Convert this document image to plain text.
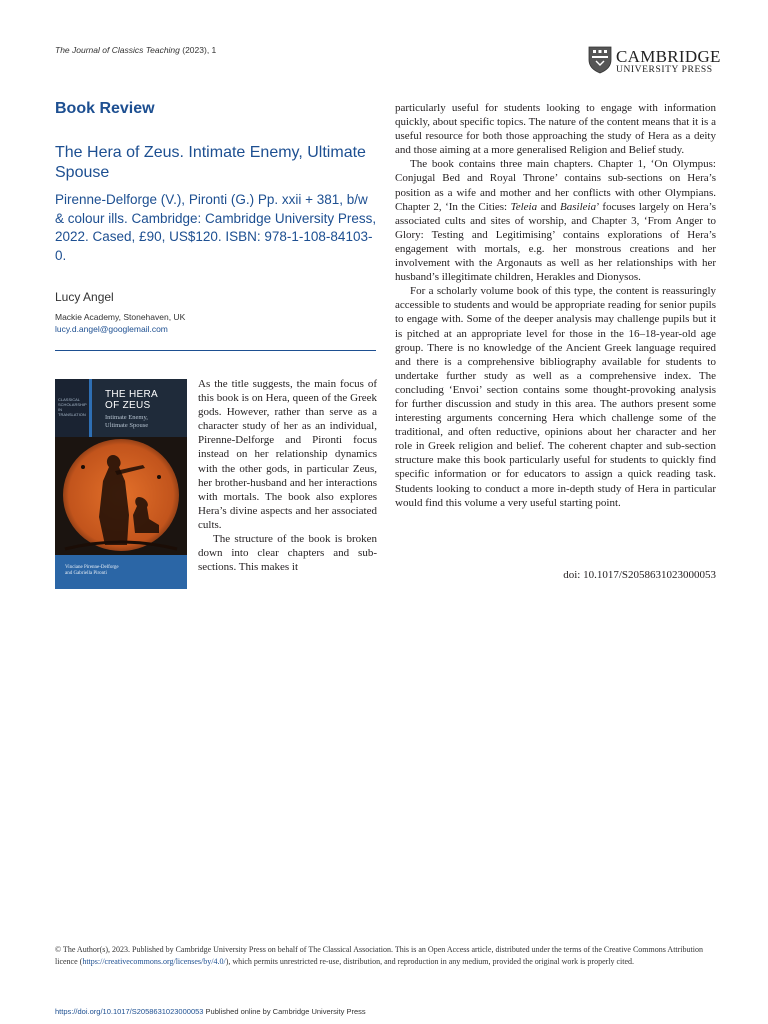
The Journal of Classics Teaching (2023), 1	CAMBRIDGE
UNIVERSITY PRESS
Book Review
The Hera of Zeus. Intimate Enemy, Ultimate Spouse
Pirenne-Delforge (V.), Pironti (G.) Pp. xxii + 381, b/w & colour ills. Cambridge: Cambridge University Press, 2022. Cased, £90, US$120. ISBN: 978-1-108-84103-0.
Lucy Angel
Mackie Academy, Stonehaven, UK
lucy.d.angel@googlemail.com
CLASSICAL SCHOLARSHIP IN TRANSLATION
THE HERA
OF ZEUS
Intimate Enemy,
Ultimate Spouse
Vinciane Pirenne-Delforge
and Gabriella Pironti

As the title suggests, the main focus of this book is on Hera, queen of the Greek gods. However, rather than serve as a character study of her as an individual, Pirenne-Delforge and Pironti focus instead on her relationship dynamics with the other gods, in particular Zeus, her brother-husband and her interactions with mortals. The book also explores Hera’s divine aspects and her associated cults.

The structure of the book is broken down into clear chapters and sub-sections. This makes it

particularly useful for students looking to engage with information quickly, about specific topics. The nature of the content means that it is a useful resource for both those approaching the study of Hera as a deity and those aiming at a more generalised Religion and Belief study.

The book contains three main chapters. Chapter 1, ‘On Olympus: Conjugal Bed and Royal Throne’ contains sub-sections on Hera’s position as a wife and mother and her conflicts with other Olympians. Chapter 2, ‘In the Cities: Teleia and Basileia’ focuses largely on Hera’s associated cults and sites of worship, and Chapter 3, ‘From Anger to Glory: Testing and Legitimising’ contains explorations of Hera’s engagement with mortals, e.g. her monstrous creations and her involvement with the Argonauts as well as her relationships with her husband’s illegitimate children, Herakles and Dionysos.

For a scholarly volume book of this type, the content is reassuringly accessible to students and would be appropriate reading for senior pupils to engage with. Some of the deeper analysis may challenge pupils but it is pitched at an appropriate level for those in the 16–18-year-old age group. There is no knowledge of the Ancient Greek language required and there is a comprehensive bibliography available for students to undertake further study as well as a comprehensive index. The concluding ‘Envoi’ section contains some thought-provoking analysis for further discussion and study in this area. The authors present some interesting arguments concerning Hera which challenge some of the traditional, and often reductive, opinions about her character and her role in Greek religion and belief. The coherent chapter and sub-section structure make this book particularly useful for students to quickly find specific information or for educators to assign a quick reading task. Students looking to conduct a more in-depth study of Hera in particular would find this volume a very useful starting point.

doi: 10.1017/S2058631023000053
© The Author(s), 2023. Published by Cambridge University Press on behalf of The Classical Association. This is an Open Access article, distributed under the terms of the Creative Commons Attribution licence (https://creativecommons.org/licenses/by/4.0/), which permits unrestricted re-use, distribution, and reproduction in any medium, provided the original work is properly cited.
https://doi.org/10.1017/S2058631023000053 Published online by Cambridge University Press
